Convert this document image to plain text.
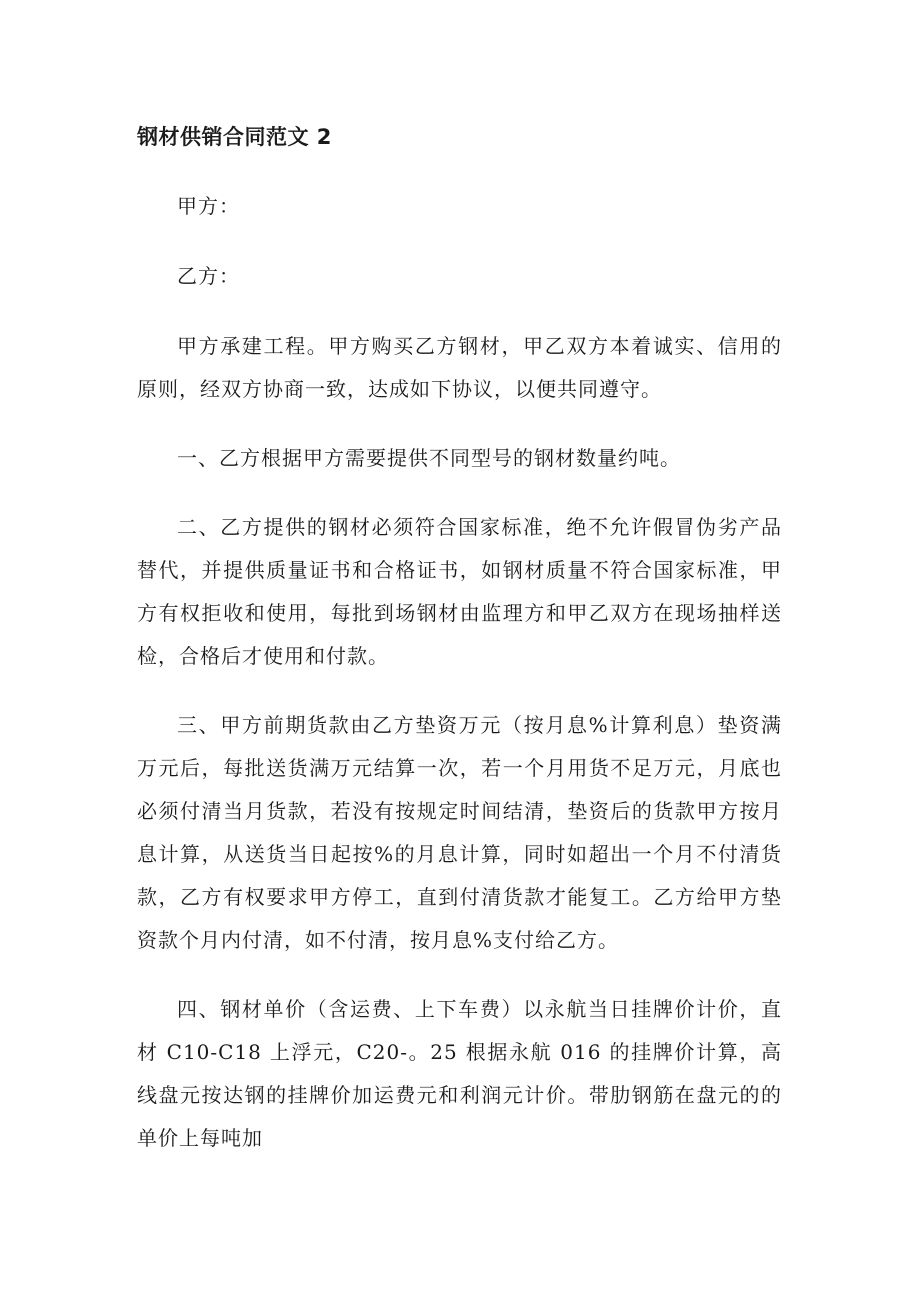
钢材供销合同范文 2

甲方：

乙方：

甲方承建工程。甲方购买乙方钢材，甲乙双方本着诚实、信用的原则，经双方协商一致，达成如下协议，以便共同遵守。

一、乙方根据甲方需要提供不同型号的钢材数量约吨。

二、乙方提供的钢材必须符合国家标准，绝不允许假冒伪劣产品替代，并提供质量证书和合格证书，如钢材质量不符合国家标准，甲方有权拒收和使用，每批到场钢材由监理方和甲乙双方在现场抽样送检，合格后才使用和付款。

三、甲方前期货款由乙方垫资万元（按月息%计算利息）垫资满万元后，每批送货满万元结算一次，若一个月用货不足万元，月底也必须付清当月货款，若没有按规定时间结清，垫资后的货款甲方按月息计算，从送货当日起按%的月息计算，同时如超出一个月不付清货款，乙方有权要求甲方停工，直到付清货款才能复工。乙方给甲方垫资款个月内付清，如不付清，按月息%支付给乙方。

四、钢材单价（含运费、上下车费）以永航当日挂牌价计价，直材 C10-C18 上浮元，C20-。25 根据永航 016 的挂牌价计算，高线盘元按达钢的挂牌价加运费元和利润元计价。带肋钢筋在盘元的的单价上每吨加
